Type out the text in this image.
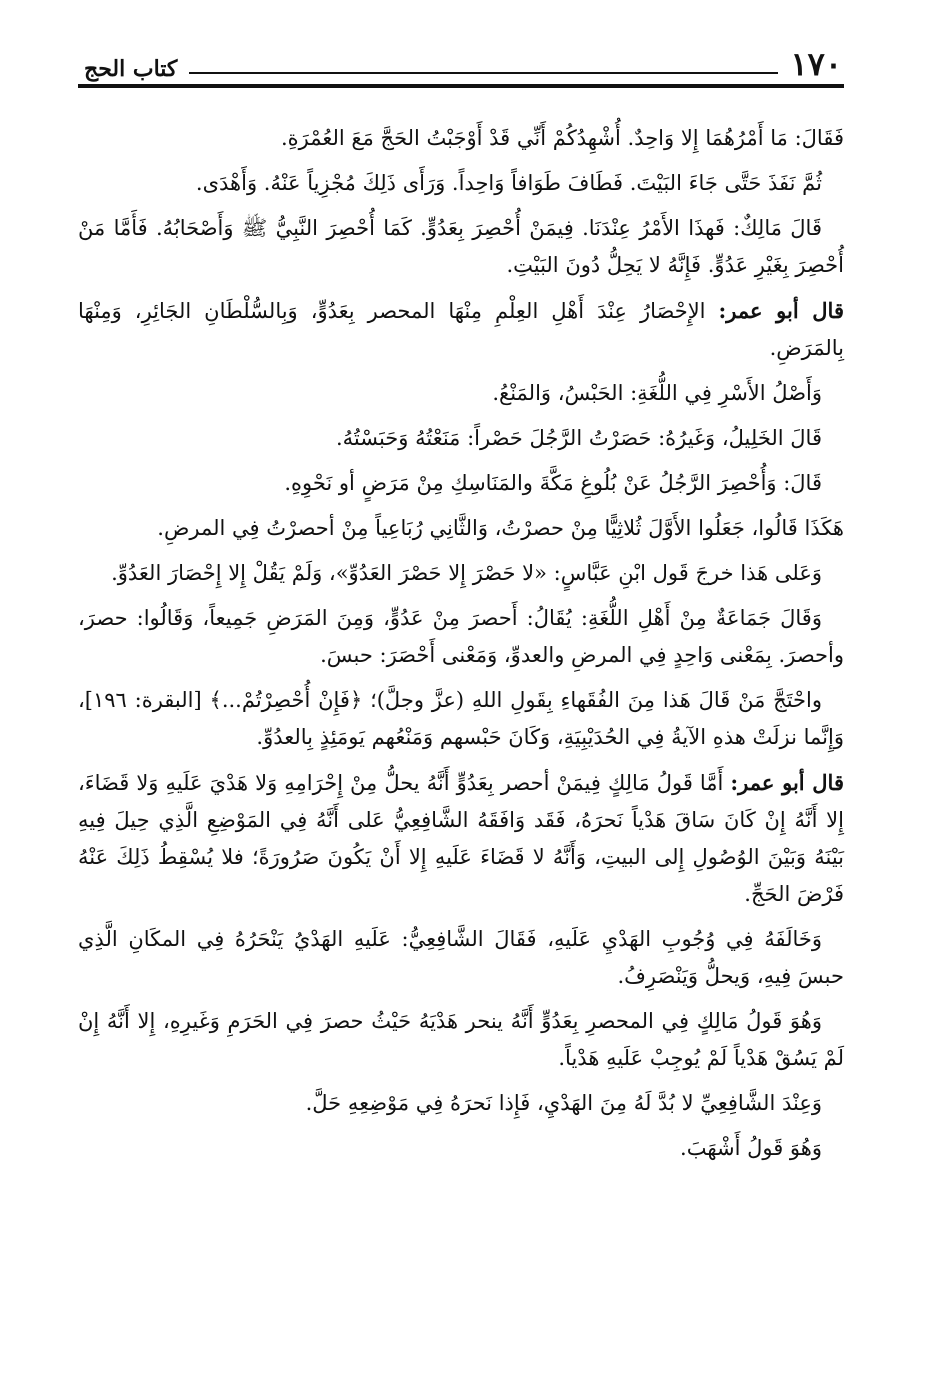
١٧٠
كتاب الحج

فَقَالَ: مَا أَمْرُهُمَا إِلا وَاحِدٌ. أُشْهِدُكُمْ أَنِّي قَدْ أَوْجَبْتُ الحَجَّ مَعَ العُمْرَةِ.

ثُمَّ نَفَذَ حَتَّى جَاءَ البَيْتَ. فَطَافَ طَوَافاً وَاحِداً. وَرَأَى ذَلِكَ مُجْزِياً عَنْهُ. وَأَهْدَى.

قَالَ مَالِكٌ: فَهذَا الأَمْرُ عِنْدَنَا. فِيمَنْ أُحْصِرَ بِعَدُوٍّ. كَمَا أُحْصِرَ النَّبِيُّ ﷺ وَأَصْحَابُهُ. فَأَمَّا مَنْ أُحْصِرَ بِغَيْرِ عَدُوٍّ. فَإِنَّهُ لا يَحِلُّ دُونَ البَيْتِ.

قال أبو عمر: الإِحْصَارُ عِنْدَ أَهْلِ العِلْمِ مِنْهَا المحصر بِعَدُوٍّ، وَبِالسُّلْطَانِ الجَائِرِ، وَمِنْهَا بِالمَرَضِ.

وَأَصْلُ الأَسْرِ فِي اللُّغَةِ: الحَبْسُ، وَالمَنْعُ.

قَالَ الخَلِيلُ، وَغَيرُهُ: حَصَرْتُ الرَّجُلَ حَصْراً: مَنَعْتُهُ وَحَبَسْتُهُ.

قَالَ: وَأُحْصِرَ الرَّجُلُ عَنْ بُلُوغِ مَكَّةَ والمَنَاسِكِ مِنْ مَرَضٍ أو نَحْوِهِ.

هَكَذَا قَالُوا، جَعَلُوا الأَوَّلَ ثُلاثِيًّا مِنْ حصرْتُ، وَالثَّانِي رُبَاعِياً مِنْ أحصرْتُ فِي المرضِ.

وَعَلى هَذا خرجَ قَول ابْنِ عَبَّاسٍ: «لا حَصْرَ إِلا حَصْرَ العَدُوِّ»، وَلَمْ يَقُلْ إِلا إِحْصَارَ العَدُوِّ.

وَقَالَ جَمَاعَةٌ مِنْ أَهْلِ اللُّغَةِ: يُقَالُ: أَحصرَ مِنْ عَدُوٍّ، وَمِنَ المَرَضِ جَمِيعاً، وَقَالُوا: حصرَ، وأحصرَ. بِمَعْنى وَاحِدٍ فِي المرضِ والعدوِّ، وَمَعْنى أَحْصَرَ: حبسَ.

واحْتَجَّ مَنْ قَالَ هَذا مِنَ الفُقَهاءِ بِقَولِ اللهِ (عزَّ وجلَّ)؛ ﴿فَإِنْ أُحْصِرْتُمْ...﴾ [البقرة: ١٩٦]، وَإِنَّما نزلَتْ هذهِ الآيةُ فِي الحُدَيْبِيَةِ، وَكَانَ حَبْسهم وَمَنْعُهم يَومَئِذٍ بِالعدُوِّ.

قال أبو عمر: أَمَّا قَولُ مَالِكٍ فِيمَنْ أحصر بِعَدُوٍّ أَنَّهُ يحلُّ مِنْ إِحْرَامِهِ وَلا هَدْيَ عَلَيهِ وَلا قَضَاءَ، إِلا أَنَّهُ إِنْ كَانَ سَاقَ هَدْياً نَحرَهُ، فَقَد وَافَقَهُ الشَّافِعِيُّ عَلى أَنَّهُ فِي المَوْضِعِ الَّذِي حِيلَ فِيهِ بَيْنَهُ وَبَيْنَ الوُصُولِ إِلى البيتِ، وَأَنَّهُ لا قَضَاءَ عَلَيهِ إِلا أَنْ يَكُونَ صَرُورَةً؛ فلا يُسْقِطُ ذَلِكَ عَنْهُ فَرْضَ الحَجِّ.

وَخَالَفَهُ فِي وُجُوبِ الهَدْيِ عَلَيهِ، فَقَالَ الشَّافِعِيُّ: عَلَيهِ الهَدْيُ يَنْحَرُهُ فِي المكَانِ الَّذِي حبسَ فِيهِ، وَيحلُّ وَيَنْصَرِفُ.

وَهُوَ قَولُ مَالِكٍ فِي المحصرِ بِعَدُوٍّ أَنَّهُ ينحر هَدْيَهُ حَيْثُ حصرَ فِي الحَرَمِ وَغَيرِهِ، إِلا أَنَّهُ إِنْ لَمْ يَسُقْ هَدْياً لَمْ يُوجِبْ عَلَيهِ هَدْياً.

وَعِنْدَ الشَّافِعِيِّ لا بُدَّ لَهُ مِنَ الهَدْيِ، فَإِذا نَحرَهُ فِي مَوْضِعِهِ حَلَّ.

وَهُوَ قَولُ أَشْهَبَ.
